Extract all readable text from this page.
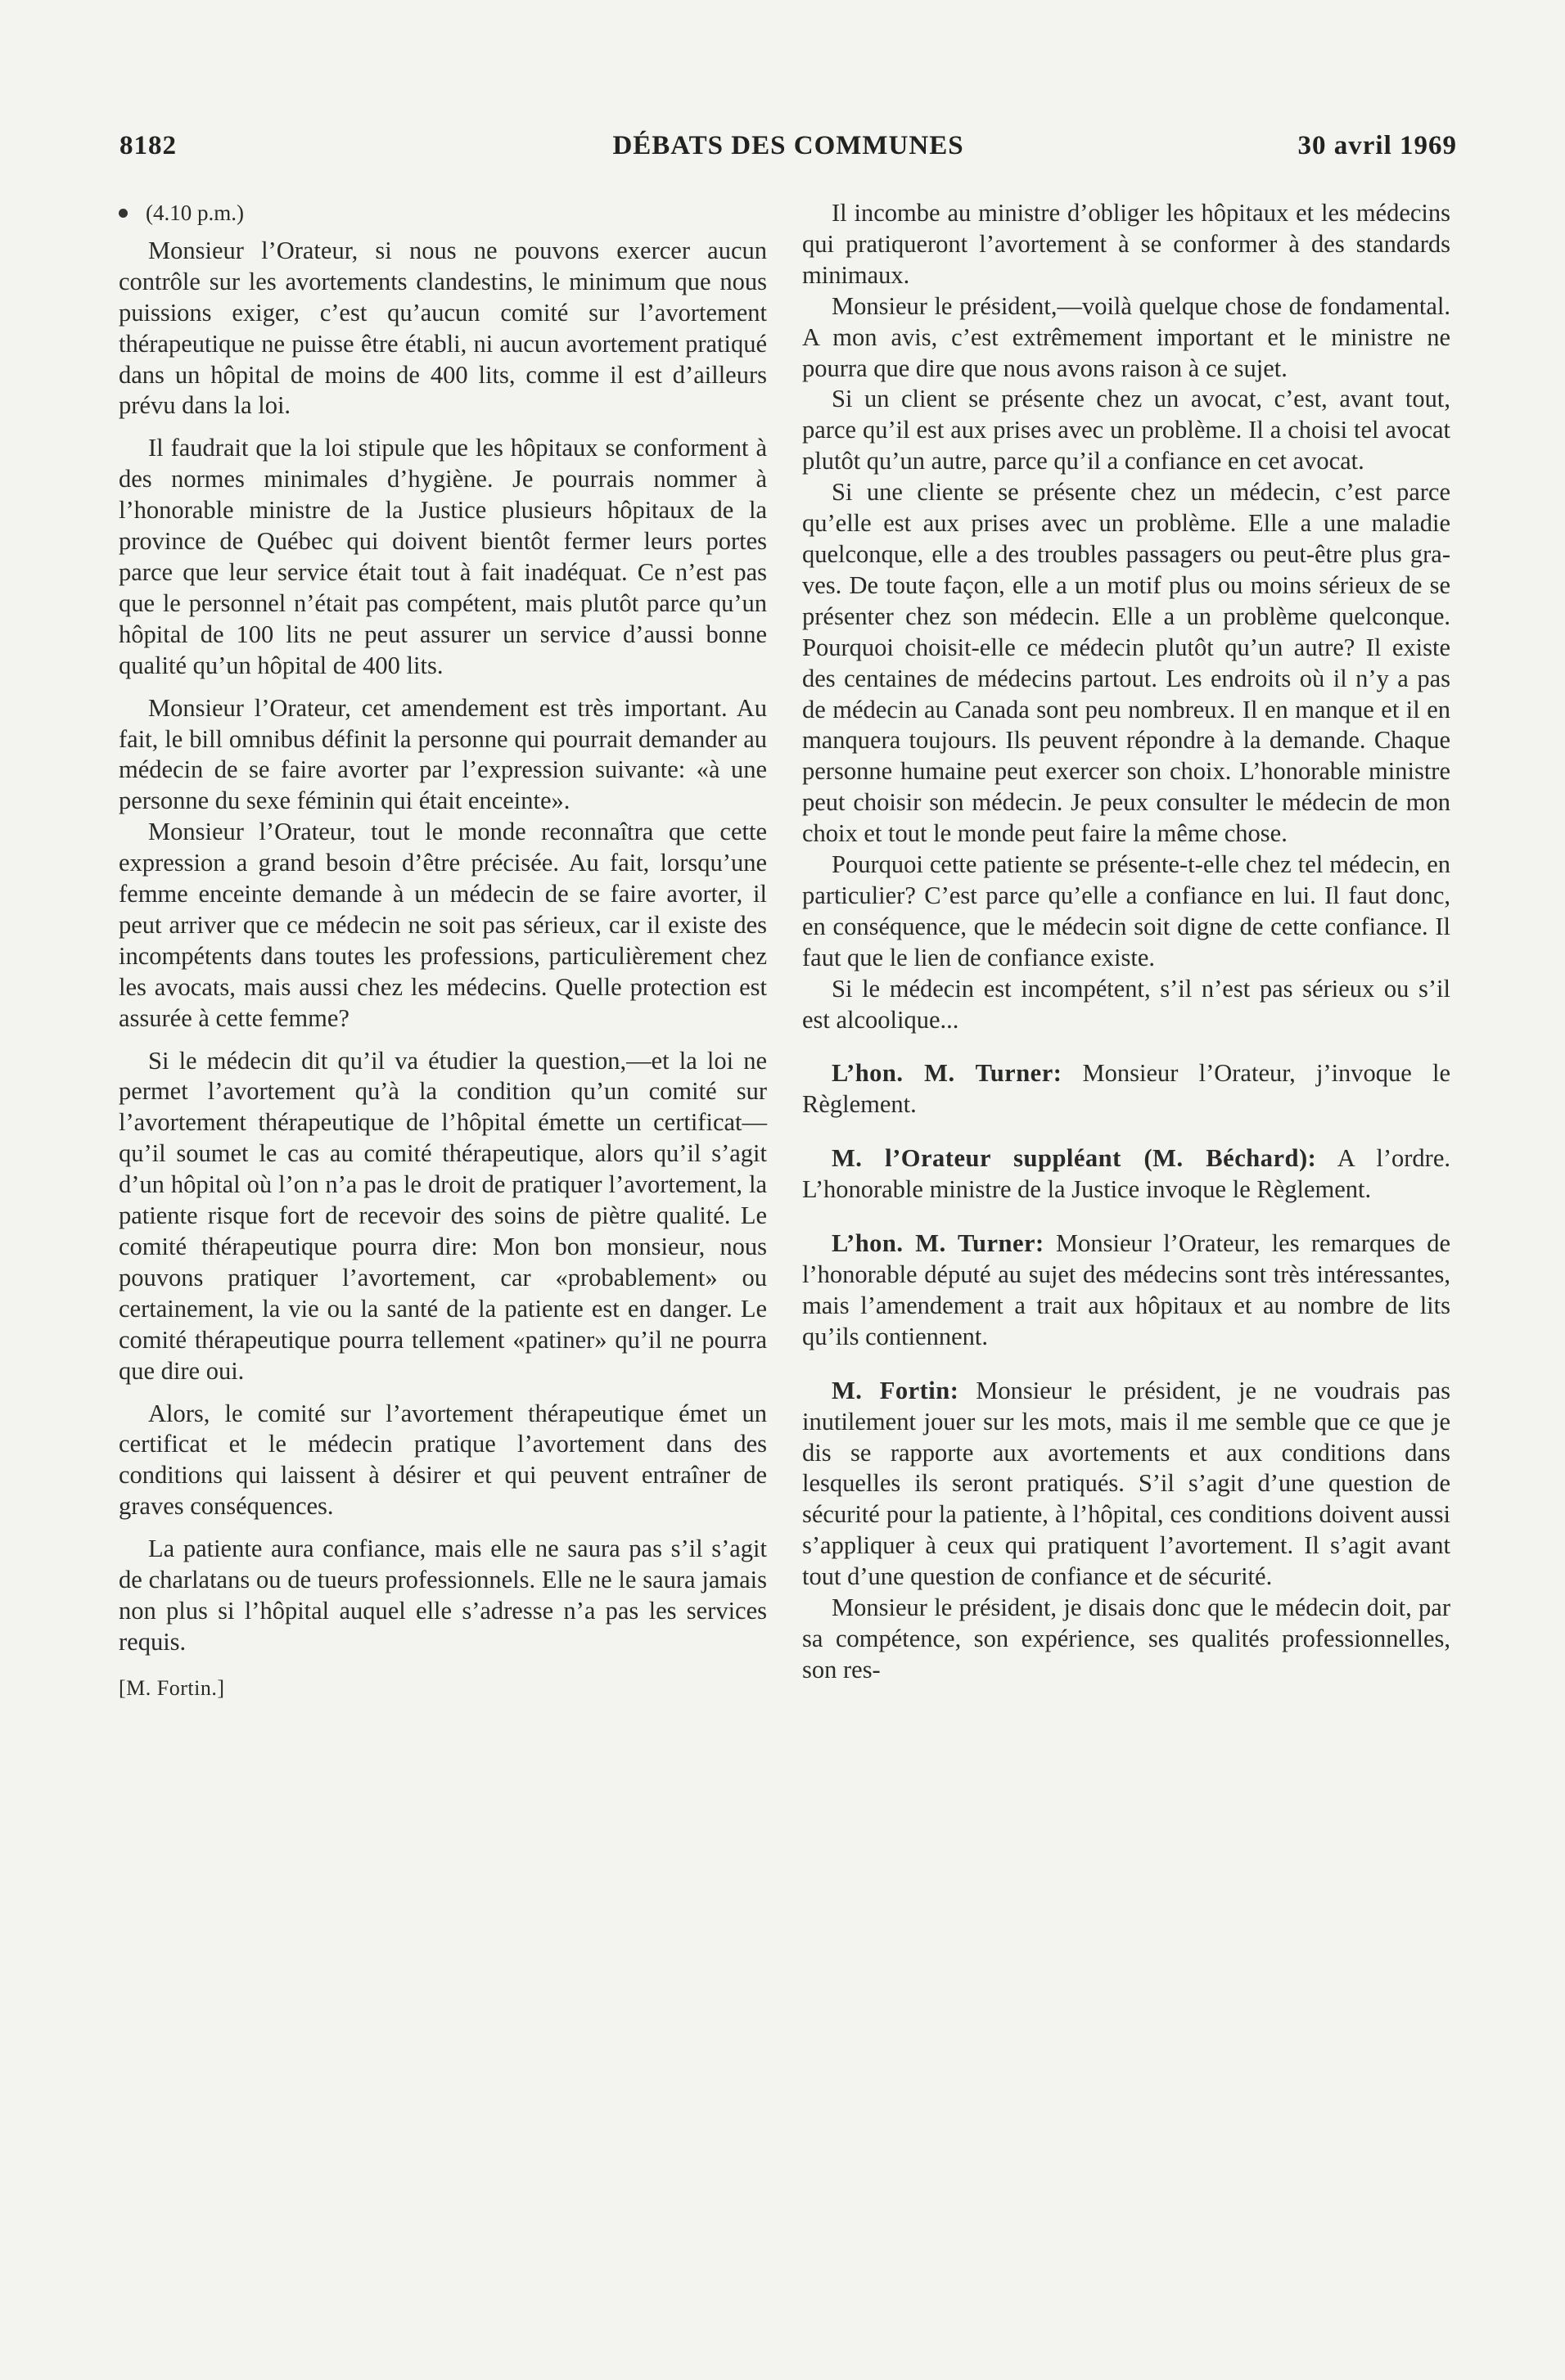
8182	DÉBATS DES COMMUNES	30 avril 1969
(4.10 p.m.)

Monsieur l’Orateur, si nous ne pouvons exercer aucun contrôle sur les avortements clandestins, le minimum que nous puissions exiger, c’est qu’aucun comité sur l’avortement thérapeutique ne puisse être établi, ni aucun avortement pratiqué dans un hôpital de moins de 400 lits, comme il est d’ailleurs prévu dans la loi.

Il faudrait que la loi stipule que les hôpitaux se conforment à des normes minimales d’hygiène. Je pourrais nommer à l’honorable ministre de la Justice plusieurs hôpitaux de la province de Québec qui doivent bientôt fermer leurs portes parce que leur service était tout à fait inadéquat. Ce n’est pas que le personnel n’était pas compétent, mais plutôt parce qu’un hôpital de 100 lits ne peut assurer un service d’aussi bonne qualité qu’un hôpital de 400 lits.

Monsieur l’Orateur, cet amendement est très important. Au fait, le bill omnibus définit la personne qui pourrait demander au médecin de se faire avorter par l’expression suivante: «à une personne du sexe féminin qui était enceinte».

Monsieur l’Orateur, tout le monde reconnaîtra que cette expression a grand besoin d’être précisée. Au fait, lorsqu’une femme enceinte demande à un médecin de se faire avorter, il peut arriver que ce médecin ne soit pas sérieux, car il existe des incompétents dans toutes les professions, particulièrement chez les avocats, mais aussi chez les médecins. Quelle protection est assurée à cette femme?

Si le médecin dit qu’il va étudier la question,—et la loi ne permet l’avortement qu’à la condition qu’un comité sur l’avortement thérapeutique de l’hôpital émette un certificat—qu’il soumet le cas au comité thérapeutique, alors qu’il s’agit d’un hôpital où l’on n’a pas le droit de pratiquer l’avortement, la patiente risque fort de recevoir des soins de piètre qualité. Le comité thérapeutique pourra dire: Mon bon monsieur, nous pouvons pratiquer l’avortement, car «probablement» ou certainement, la vie ou la santé de la patiente est en danger. Le comité thérapeutique pourra tellement «patiner» qu’il ne pourra que dire oui.

Alors, le comité sur l’avortement thérapeutique émet un certificat et le médecin pratique l’avortement dans des conditions qui laissent à désirer et qui peuvent entraîner de graves conséquences.

La patiente aura confiance, mais elle ne saura pas s’il s’agit de charlatans ou de tueurs professionnels. Elle ne le saura jamais non plus si l’hôpital auquel elle s’adresse n’a pas les services requis.

[M. Fortin.]

Il incombe au ministre d’obliger les hôpitaux et les médecins qui pratiqueront l’avortement à se conformer à des standards minimaux.

Monsieur le président,—voilà quelque chose de fondamental. A mon avis, c’est extrêmement important et le ministre ne pourra que dire que nous avons raison à ce sujet.

Si un client se présente chez un avocat, c’est, avant tout, parce qu’il est aux prises avec un problème. Il a choisi tel avocat plutôt qu’un autre, parce qu’il a confiance en cet avocat.

Si une cliente se présente chez un médecin, c’est parce qu’elle est aux prises avec un problème. Elle a une maladie quelconque, elle a des troubles passagers ou peut-être plus graves. De toute façon, elle a un motif plus ou moins sérieux de se présenter chez son médecin. Elle a un problème quelconque. Pourquoi choisit-elle ce médecin plutôt qu’un autre? Il existe des centaines de médecins partout. Les endroits où il n’y a pas de médecin au Canada sont peu nombreux. Il en manque et il en manquera toujours. Ils peuvent répondre à la demande. Chaque personne humaine peut exercer son choix. L’honorable ministre peut choisir son médecin. Je peux consulter le médecin de mon choix et tout le monde peut faire la même chose.

Pourquoi cette patiente se présente-t-elle chez tel médecin, en particulier? C’est parce qu’elle a confiance en lui. Il faut donc, en conséquence, que le médecin soit digne de cette confiance. Il faut que le lien de confiance existe.

Si le médecin est incompétent, s’il n’est pas sérieux ou s’il est alcoolique...

L’hon. M. Turner: Monsieur l’Orateur, j’invoque le Règlement.

M. l’Orateur suppléant (M. Béchard): A l’ordre. L’honorable ministre de la Justice invoque le Règlement.

L’hon. M. Turner: Monsieur l’Orateur, les remarques de l’honorable député au sujet des médecins sont très intéressantes, mais l’amendement a trait aux hôpitaux et au nombre de lits qu’ils contiennent.

M. Fortin: Monsieur le président, je ne voudrais pas inutilement jouer sur les mots, mais il me semble que ce que je dis se rapporte aux avortements et aux conditions dans lesquelles ils seront pratiqués. S’il s’agit d’une question de sécurité pour la patiente, à l’hôpital, ces conditions doivent aussi s’appliquer à ceux qui pratiquent l’avortement. Il s’agit avant tout d’une question de confiance et de sécurité.

Monsieur le président, je disais donc que le médecin doit, par sa compétence, son expérience, ses qualités professionnelles, son res-
